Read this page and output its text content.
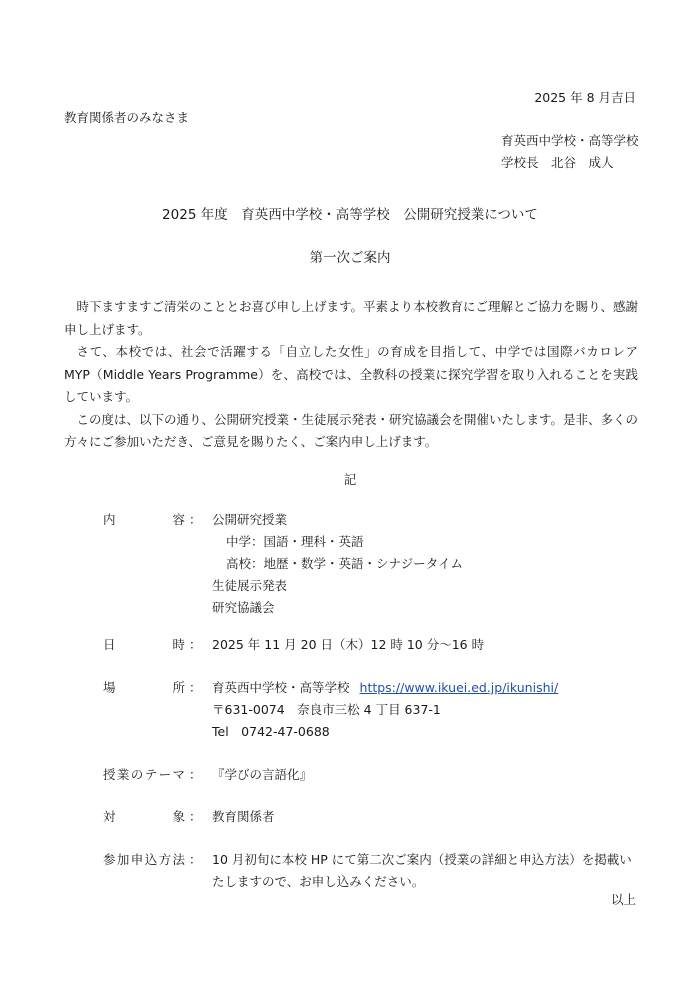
2025 年 8 月吉日
教育関係者のみなさま
育英西中学校・高等学校
学校長　北谷　成人
2025 年度　育英西中学校・高等学校　公開研究授業について
第一次ご案内

時下ますますご清栄のこととお喜び申し上げます。平素より本校教育にご理解とご協力を賜り、感謝申し上げます。

さて、本校では、社会で活躍する「自立した女性」の育成を目指して、中学では国際バカロレア MYP（Middle Years Programme）を、高校では、全教科の授業に探究学習を取り入れることを実践しています。

この度は、以下の通り、公開研究授業・生徒展示発表・研究協議会を開催いたします。是非、多くの方々にご参加いただき、ご意見を賜りたく、ご案内申し上げます。

記
内容 ： 公開研究授業
中学：国語・理科・英語
高校：地歴・数学・英語・シナジータイム
生徒展示発表
研究協議会
日時 ： 2025 年 11 月 20 日（木）12 時 10 分～16 時
場所 ： 育英西中学校・高等学校 https://www.ikuei.ed.jp/ikunishi/
〒631-0074　奈良市三松 4 丁目 637-1
Tel　0742-47-0688
授業のテーマ ： 『学びの言語化』
対象 ： 教育関係者
参加申込方法 ： 10 月初旬に本校 HP にて第二次ご案内（授業の詳細と申込方法）を掲載いたしますので、お申し込みください。
以上
